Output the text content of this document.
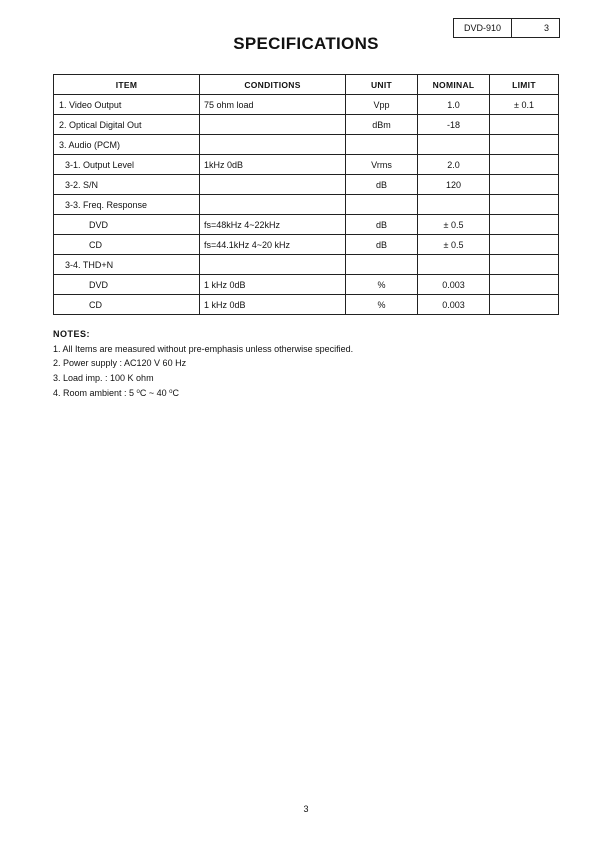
DVD-910	3
SPECIFICATIONS
ITEM	CONDITIONS	UNIT	NOMINAL	LIMIT
1. Video Output	75 ohm load	Vpp	1.0	± 0.1
2. Optical Digital Out		dBm	-18	
3. Audio (PCM)				
3-1. Output Level	1kHz 0dB	Vrms	2.0	
3-2. S/N		dB	120	
3-3. Freq. Response				
DVD	fs=48kHz 4~22kHz	dB	± 0.5	
CD	fs=44.1kHz 4~20 kHz	dB	± 0.5	
3-4. THD+N				
DVD	1 kHz 0dB	%	0.003	
CD	1 kHz 0dB	%	0.003	
NOTES:
1. All Items are measured without pre-emphasis unless otherwise specified.
2. Power supply : AC120 V 60 Hz
3. Load imp. : 100 K ohm
4. Room ambient : 5 $^o$C ~ 40 $^o$C
3
